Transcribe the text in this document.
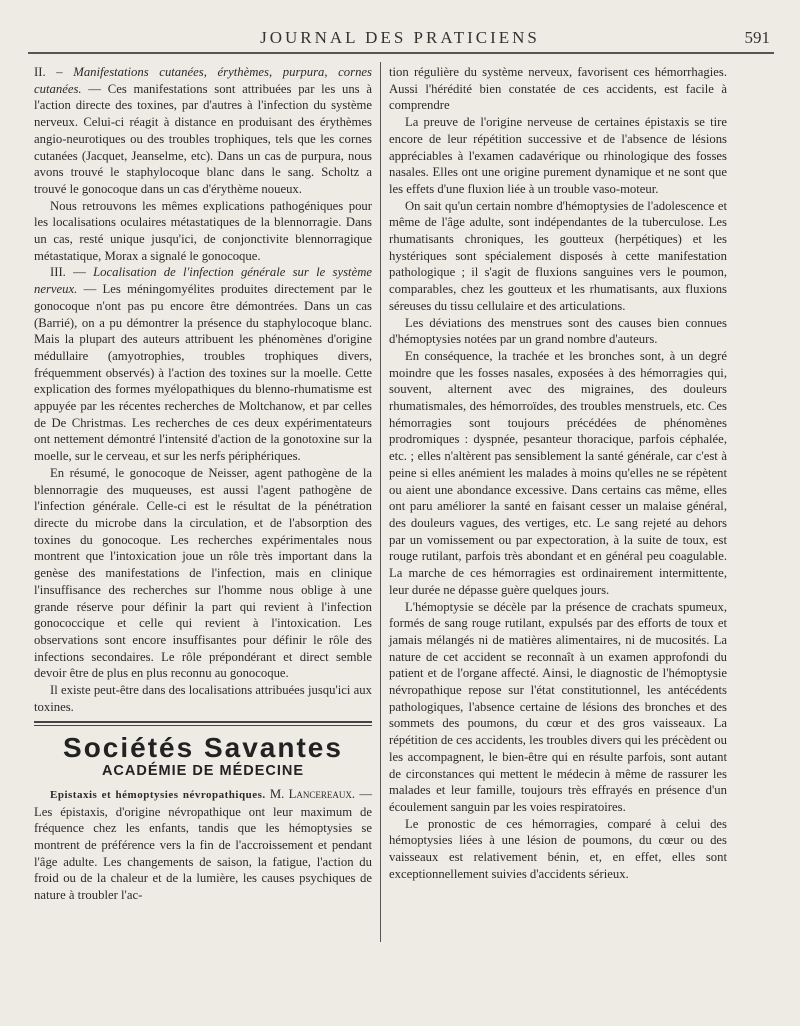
JOURNAL DES PRATICIENS	591

II. – Manifestations cutanées, érythèmes, purpura, cornes cutanées. — Ces manifestations sont attribuées par les uns à l'action directe des toxines, par d'autres à l'infection du système nerveux. Celui-ci réagit à distance en produisant des érythèmes angio-neurotiques ou des troubles trophiques, tels que les cornes cutanées (Jacquet, Jeanselme, etc). Dans un cas de purpura, nous avons trouvé le staphylocoque blanc dans le sang. Scholtz a trouvé le gonocoque dans un cas d'érythème noueux.

Nous retrouvons les mêmes explications pathogéniques pour les localisations oculaires métastatiques de la blennorragie. Dans un cas, resté unique jusqu'ici, de conjonctivite blennorragique métastatique, Morax a signalé le gonocoque.

III. — Localisation de l'infection générale sur le système nerveux. — Les méningomyélites produites directement par le gonocoque n'ont pas pu encore être démontrées. Dans un cas (Barrié), on a pu démontrer la présence du staphylocoque blanc. Mais la plupart des auteurs attribuent les phénomènes d'origine médullaire (amyotrophies, troubles trophiques divers, fréquemment observés) à l'action des toxines sur la moelle. Cette explication des formes myélopathiques du blenno-rhumatisme est appuyée par les récentes recherches de Moltchanow, et par celles de De Christmas. Les recherches de ces deux expérimentateurs ont nettement démontré l'intensité d'action de la gonotoxine sur la moelle, sur le cerveau, et sur les nerfs périphériques.

En résumé, le gonocoque de Neisser, agent pathogène de la blennorragie des muqueuses, est aussi l'agent pathogène de l'infection générale. Celle-ci est le résultat de la pénétration directe du microbe dans la circulation, et de l'absorption des toxines du gonocoque. Les recherches expérimentales nous montrent que l'intoxication joue un rôle très important dans la genèse des manifestations de l'infection, mais en clinique l'insuffisance des recherches sur l'homme nous oblige à une grande réserve pour définir la part qui revient à l'infection gonococcique et celle qui revient à l'intoxication. Les observations sont encore insuffisantes pour définir le rôle des infections secondaires. Le rôle prépondérant et direct semble devoir être de plus en plus reconnu au gonocoque.

Il existe peut-être dans des localisations attribuées jusqu'ici aux toxines.

Sociétés Savantes
ACADÉMIE DE MÉDECINE

Epistaxis et hémoptysies névropathiques. M. Lancereaux. — Les épistaxis, d'origine névropathique ont leur maximum de fréquence chez les enfants, tandis que les hémoptysies se montrent de préférence vers la fin de l'accroissement et pendant l'âge adulte. Les changements de saison, la fatigue, l'action du froid ou de la chaleur et de la lumière, les causes psychiques de nature à troubler l'ac-

tion régulière du système nerveux, favorisent ces hémorrhagies. Aussi l'hérédité bien constatée de ces accidents, est facile à comprendre

La preuve de l'origine nerveuse de certaines épistaxis se tire encore de leur répétition successive et de l'absence de lésions appréciables à l'examen cadavérique ou rhinologique des fosses nasales. Elles ont une origine purement dynamique et ne sont que les effets d'une fluxion liée à un trouble vaso-moteur.

On sait qu'un certain nombre d'hémoptysies de l'adolescence et même de l'âge adulte, sont indépendantes de la tuberculose. Les rhumatisants chroniques, les goutteux (herpétiques) et les hystériques sont spécialement disposés à cette manifestation pathologique ; il s'agit de fluxions sanguines vers le poumon, comparables, chez les goutteux et les rhumatisants, aux fluxions séreuses du tissu cellulaire et des articulations.

Les déviations des menstrues sont des causes bien connues d'hémoptysies notées par un grand nombre d'auteurs.

En conséquence, la trachée et les bronches sont, à un degré moindre que les fosses nasales, exposées à des hémorragies qui, souvent, alternent avec des migraines, des douleurs rhumatismales, des hémorroïdes, des troubles menstruels, etc. Ces hémorragies sont toujours précédées de phénomènes prodromiques : dyspnée, pesanteur thoracique, parfois céphalée, etc. ; elles n'altèrent pas sensiblement la santé générale, car c'est à peine si elles anémient les malades à moins qu'elles ne se répètent ou aient une abondance excessive. Dans certains cas même, elles ont paru améliorer la santé en faisant cesser un malaise général, des douleurs vagues, des vertiges, etc. Le sang rejeté au dehors par un vomissement ou par expectoration, à la suite de toux, est rouge rutilant, parfois très abondant et en général peu coagulable. La marche de ces hémorragies est ordinairement intermittente, leur durée ne dépasse guère quelques jours.

L'hémoptysie se décèle par la présence de crachats spumeux, formés de sang rouge rutilant, expulsés par des efforts de toux et jamais mélangés ni de matières alimentaires, ni de mucosités. La nature de cet accident se reconnaît à un examen approfondi du patient et de l'organe affecté. Ainsi, le diagnostic de l'hémoptysie névropathique repose sur l'état constitutionnel, les antécédents pathologiques, l'absence certaine de lésions des bronches et des sommets des poumons, du cœur et des gros vaisseaux. La répétition de ces accidents, les troubles divers qui les précèdent ou les accompagnent, le bien-être qui en résulte parfois, sont autant de circonstances qui mettent le médecin à même de rassurer les malades et leur famille, toujours très effrayés en présence d'un écoulement sanguin par les voies respiratoires.

Le pronostic de ces hémorragies, comparé à celui des hémoptysies liées à une lésion de poumons, du cœur ou des vaisseaux est relativement bénin, et, en effet, elles sont exceptionnellement suivies d'accidents sérieux.
